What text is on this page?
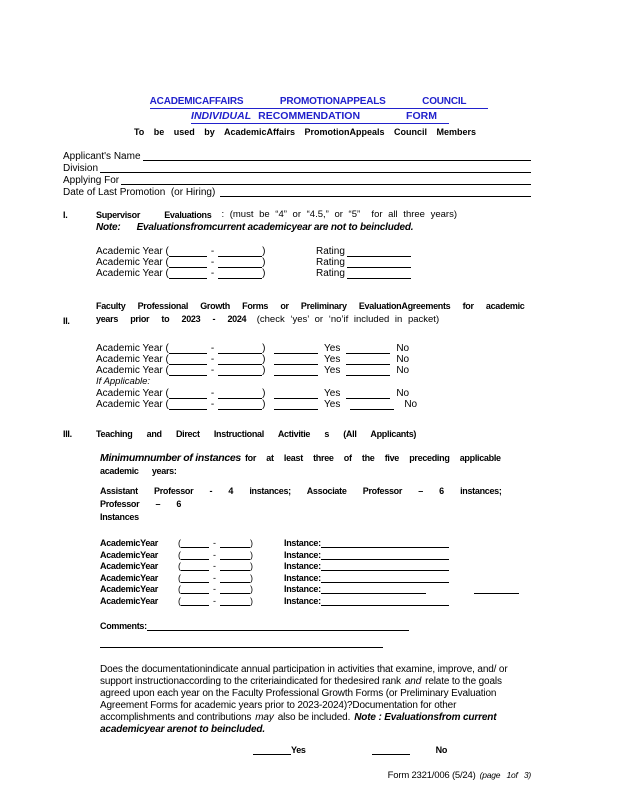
ACADEMICAFFAIRS PROMOTIONAPPEALS COUNCIL
INDIVIDUAL RECOMMENDATION	FORM
To be used by AcademicAffairs PromotionAppeals Council Members
Applicant's Name
Division
Applying For
Date of Last Promotion  (or Hiring)
I.	Supervisor Evaluations : (must be “4” or “4.5,” or “5”  for all three years)
Note: Evaluationsfromcurrent academicyear are not to beincluded.
Academic Year (	-	)	Rating
Academic Year (	-	)	Rating
Academic Year (	-	)	Rating
II.
Faculty Professional Growth Forms or Preliminary EvaluationAgreements for academic
years prior to 2023 - 2024 (check ‘yes’ or ‘no’if included in packet)
Academic Year (	-	)	Yes	No
Academic Year (	-	)	Yes	No
Academic Year (	-	)	Yes	No
If Applicable:
Academic Year (	-	)	Yes	No
Academic Year (	-	)	Yes	No
III.	Teaching and Direct Instructional Activitie s (All Applicants)
Minimumnumber of instances for at least three of the five preceding applicable
academic      years:
Assistant Professor - 4 instances; Associate Professor – 6 instances; Professor – 6
Instances
AcademicYear	(	-	)	Instance:
AcademicYear	(	-	)	Instance:
AcademicYear	(	-	)	Instance:
AcademicYear	(	-	)	Instance:
AcademicYear	(	-	)	Instance:
AcademicYear	(	-	)	Instance:
Comments:
Does the documentationindicate annual participation in activities that examine, improve, and/ or
support instructionaccording to the criteriaindicated for thedesired rank and relate to the goals
agreed upon each year on the Faculty Professional Growth Forms (or Preliminary Evaluation
Agreement Forms for academic years prior to 2023-2024)?Documentation for other
accomplishments and contributions may also be included. Note : Evaluationsfrom current
academicyear arenot to beincluded.
Yes	No
Form 2321/006 (5/24) (page 1of 3)
